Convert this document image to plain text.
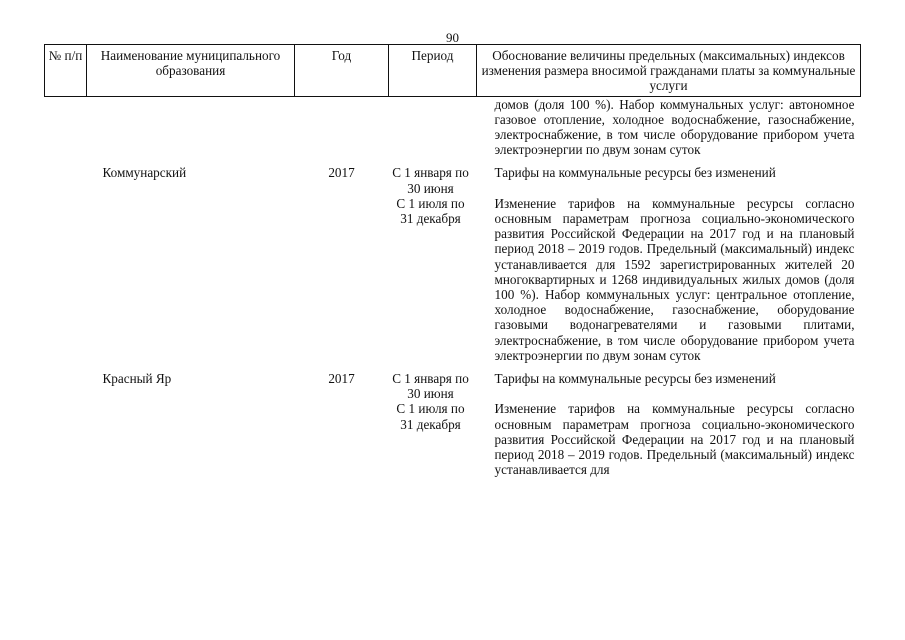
90
№ п/п	Наименование муниципального образования	Год	Период	Обоснование величины предельных (максимальных) индексов изменения размера вносимой гражданами платы за коммунальные услуги
				домов (доля 100 %). Набор коммунальных услуг: автономное газовое отопление, холодное водоснабжение, газоснабжение, электроснабжение, в том числе оборудование прибором учета электроэнергии по двум зонам суток

	Коммунарский	2017	С 1 января по 30 июня	Тарифы на коммунальные ресурсы без изменений
			С 1 июля по 31 декабря	Изменение тарифов на коммунальные ресурсы согласно основным параметрам прогноза социально-экономического развития Российской Федерации на 2017 год и на плановый период 2018 – 2019 годов. Предельный (максимальный) индекс устанавливается для 1592 зарегистрированных жителей 20 многоквартирных и 1268 индивидуальных жилых домов (доля 100 %). Набор коммунальных услуг: центральное отопление, холодное водоснабжение, газоснабжение, оборудование газовыми водонагревателями и газовыми плитами, электроснабжение, в том числе оборудование прибором учета электроэнергии по двум зонам суток

	Красный Яр	2017	С 1 января по 30 июня	Тарифы на коммунальные ресурсы без изменений
			С 1 июля по 31 декабря	Изменение тарифов на коммунальные ресурсы согласно основным параметрам прогноза социально-экономического развития Российской Федерации на 2017 год и на плановый период 2018 – 2019 годов. Предельный (максимальный) индекс устанавливается для
